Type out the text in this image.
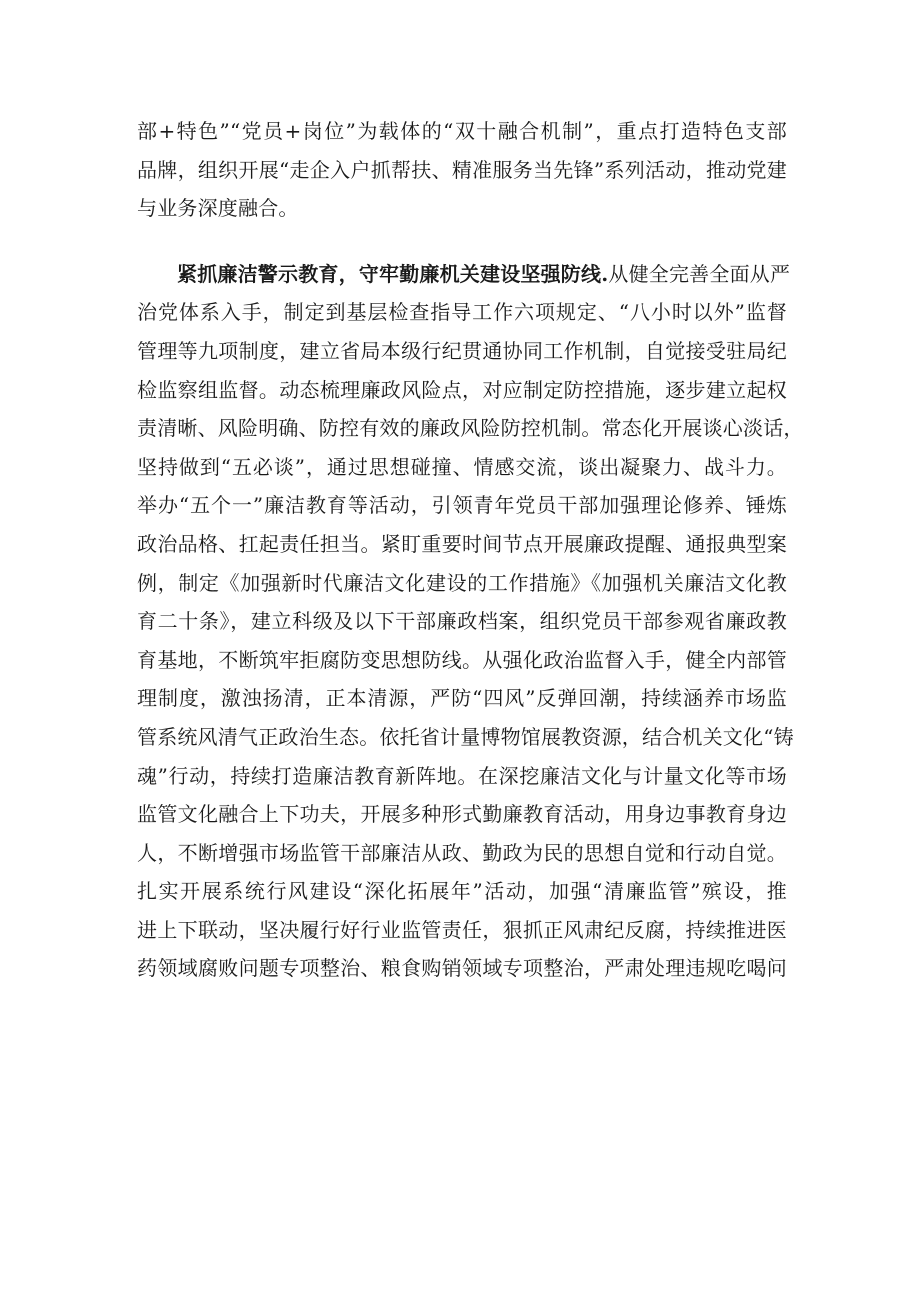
部+特色”“党员+岗位”为载体的“双十融合机制”，重点打造特色支部
品牌，组织开展“走企入户抓帮扶、精准服务当先锋”系列活动，推动党建
与业务深度融合。
紧抓廉洁警示教育，守牢勤廉机关建设坚强防线.从健全完善全面从严
治党体系入手，制定到基层检查指导工作六项规定、“八小时以外”监督
管理等九项制度，建立省局本级行纪贯通协同工作机制，自觉接受驻局纪
检监察组监督。动态梳理廉政风险点，对应制定防控措施，逐步建立起权
责清晰、风险明确、防控有效的廉政风险防控机制。常态化开展谈心淡话，
坚持做到“五必谈”，通过思想碰撞、情感交流，谈出凝聚力、战斗力。
举办“五个一”廉洁教育等活动，引领青年党员干部加强理论修养、锤炼
政治品格、扛起责任担当。紧盯重要时间节点开展廉政提醒、通报典型案
例，制定《加强新时代廉洁文化建设的工作措施》《加强机关廉洁文化教
育二十条》，建立科级及以下干部廉政档案，组织党员干部参观省廉政教
育基地，不断筑牢拒腐防变思想防线。从强化政治监督入手，健全内部管
理制度，激浊扬清，正本清源，严防“四风”反弹回潮，持续涵养市场监
管系统风清气正政治生态。依托省计量博物馆展教资源，结合机关文化“铸
魂”行动，持续打造廉洁教育新阵地。在深挖廉洁文化与计量文化等市场
监管文化融合上下功夫，开展多种形式勤廉教育活动，用身边事教育身边
人，不断增强市场监管干部廉洁从政、勤政为民的思想自觉和行动自觉。
扎实开展系统行风建设“深化拓展年”活动，加强“清廉监管”殡设，推
进上下联动，坚决履行好行业监管责任，狠抓正风肃纪反腐，持续推进医
药领域腐败问题专项整治、粮食购销领域专项整治，严肃处理违规吃喝问
